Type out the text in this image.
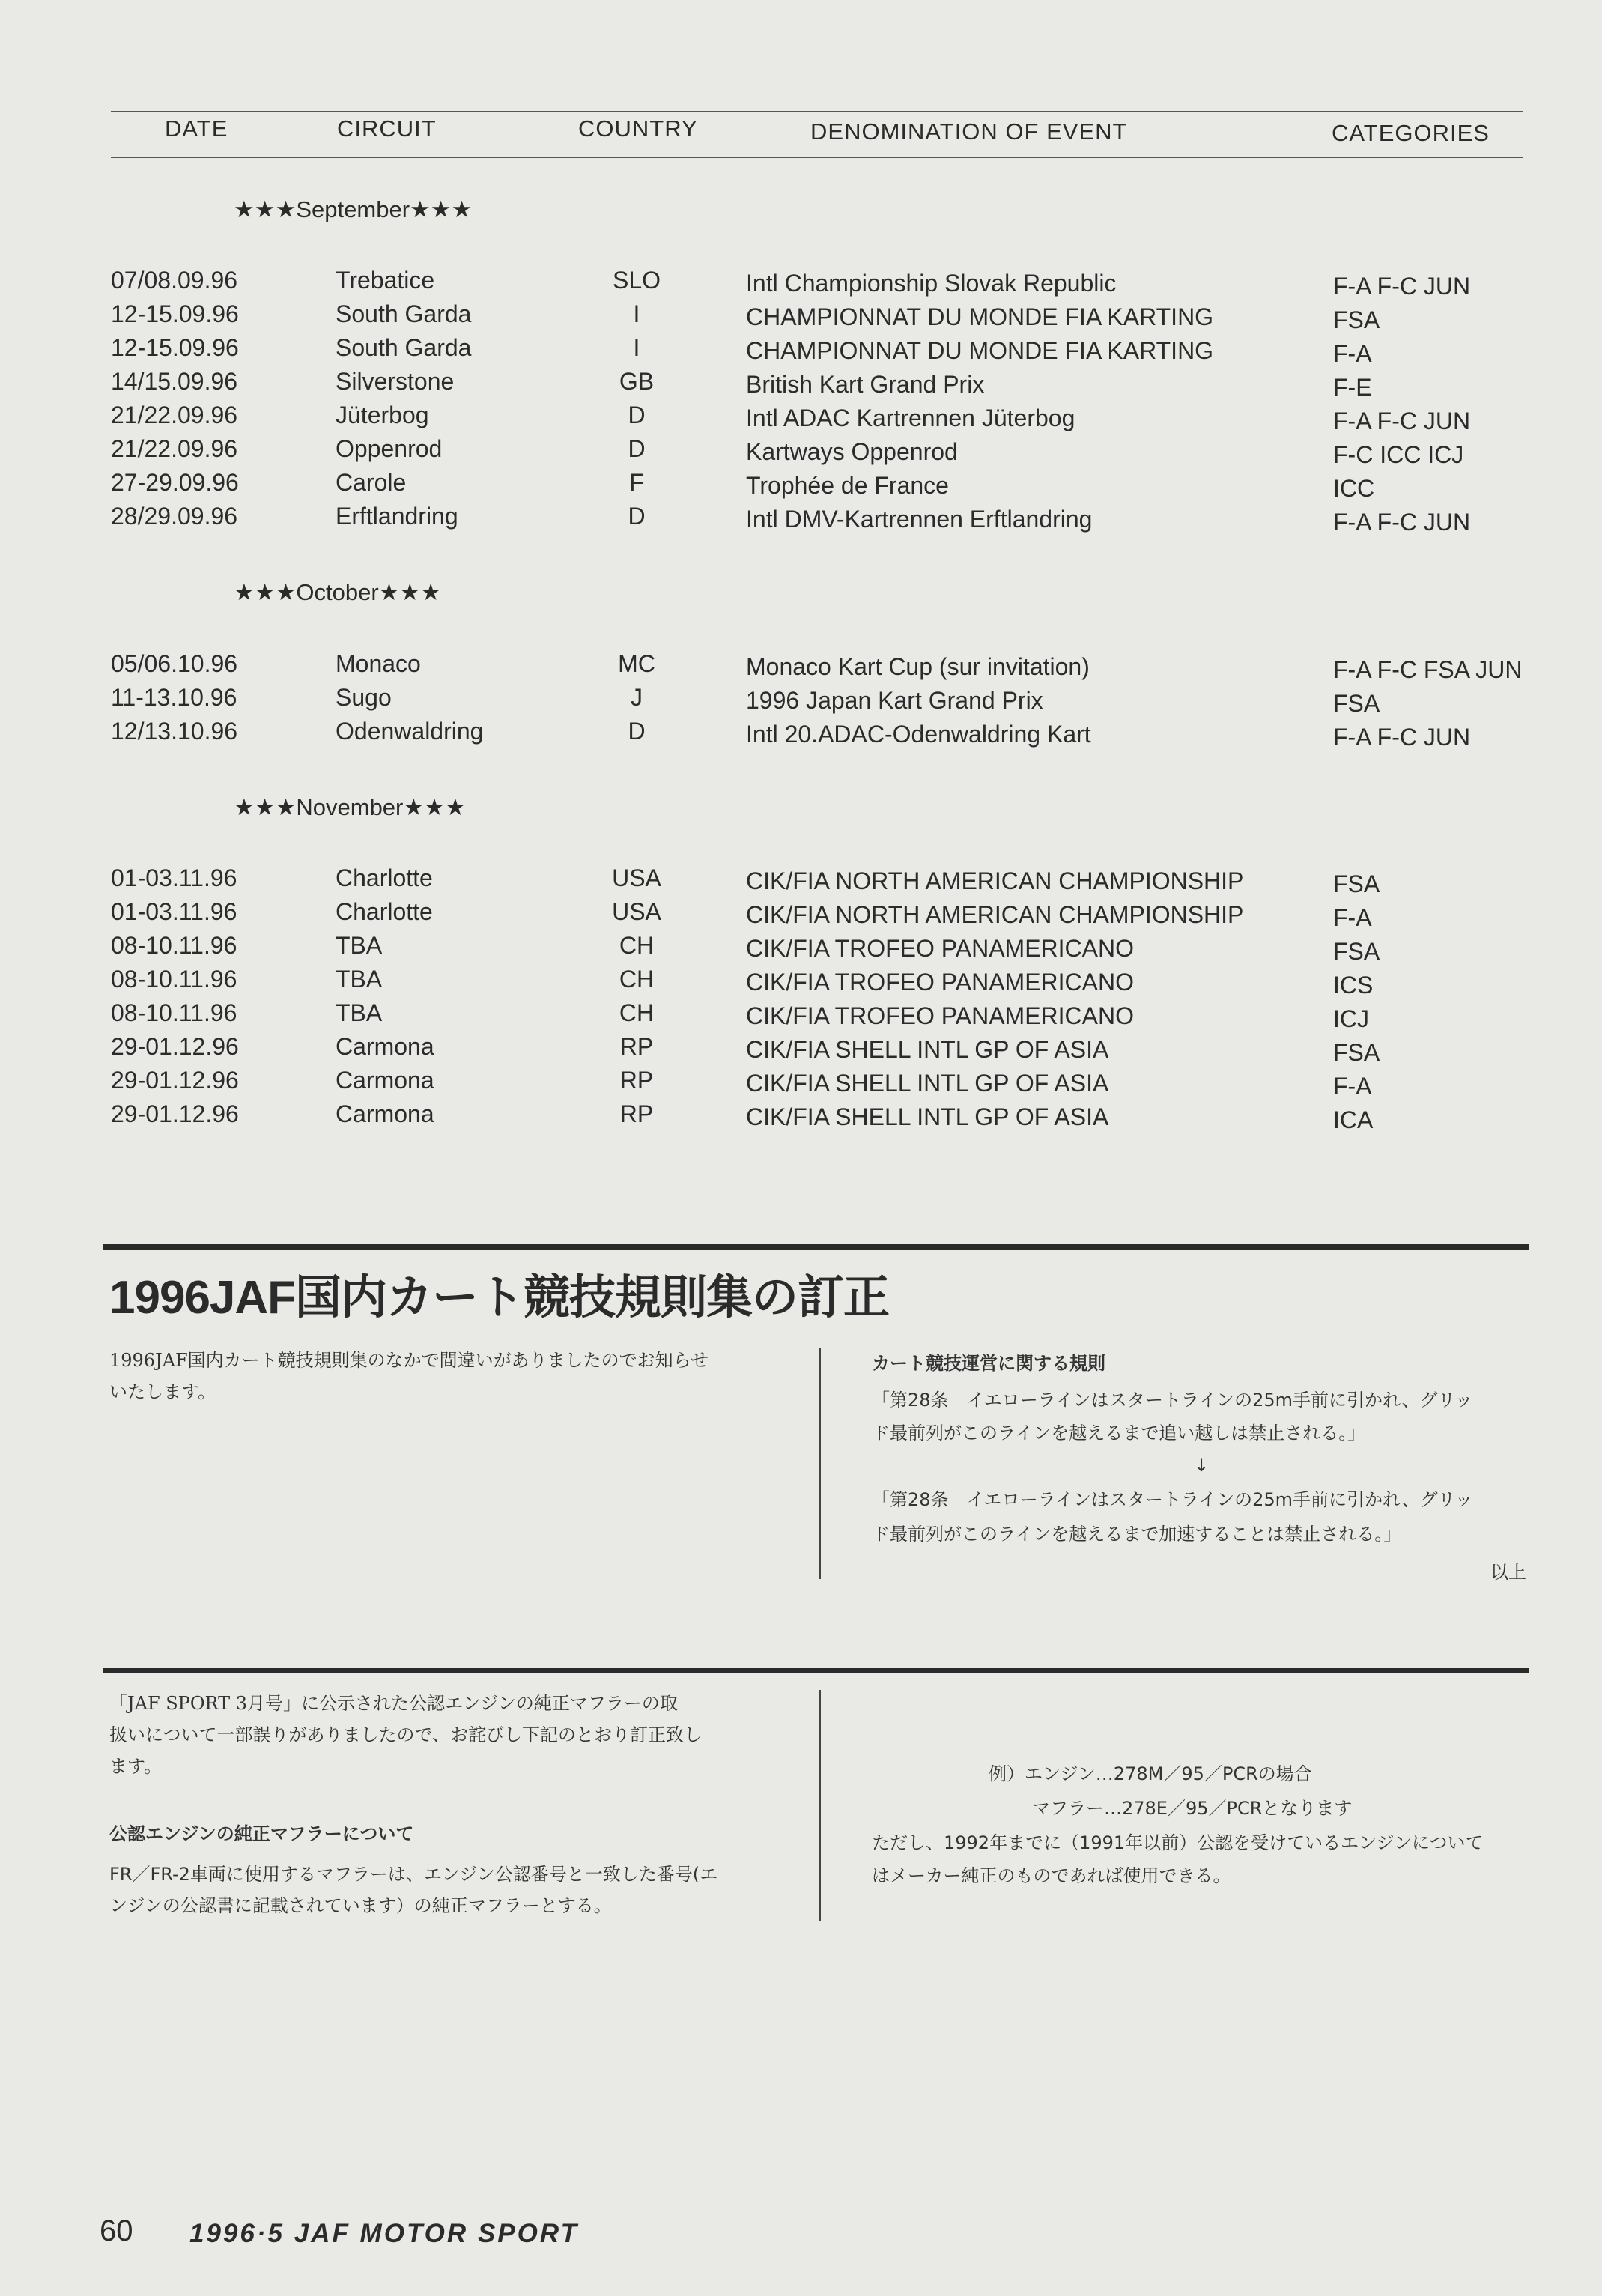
DATE	CIRCUIT	COUNTRY	DENOMINATION OF EVENT	CATEGORIES
★★★September★★★
07/08.09.96	Trebatice	SLO	Intl Championship Slovak Republic	F-A F-C JUN
12-15.09.96	South Garda	I	CHAMPIONNAT DU MONDE FIA KARTING	FSA
12-15.09.96	South Garda	I	CHAMPIONNAT DU MONDE FIA KARTING	F-A
14/15.09.96	Silverstone	GB	British Kart Grand Prix	F-E
21/22.09.96	Jüterbog	D	Intl ADAC Kartrennen Jüterbog	F-A F-C JUN
21/22.09.96	Oppenrod	D	Kartways Oppenrod	F-C ICC ICJ
27-29.09.96	Carole	F	Trophée de France	ICC
28/29.09.96	Erftlandring	D	Intl DMV-Kartrennen Erftlandring	F-A F-C JUN
★★★October★★★
05/06.10.96	Monaco	MC	Monaco Kart Cup (sur invitation)	F-A F-C FSA JUN
11-13.10.96	Sugo	J	1996 Japan Kart Grand Prix	FSA
12/13.10.96	Odenwaldring	D	Intl 20.ADAC-Odenwaldring Kart	F-A F-C JUN
★★★November★★★
01-03.11.96	Charlotte	USA	CIK/FIA NORTH AMERICAN CHAMPIONSHIP	FSA
01-03.11.96	Charlotte	USA	CIK/FIA NORTH AMERICAN CHAMPIONSHIP	F-A
08-10.11.96	TBA	CH	CIK/FIA TROFEO PANAMERICANO	FSA
08-10.11.96	TBA	CH	CIK/FIA TROFEO PANAMERICANO	ICS
08-10.11.96	TBA	CH	CIK/FIA TROFEO PANAMERICANO	ICJ
29-01.12.96	Carmona	RP	CIK/FIA SHELL INTL GP OF ASIA	FSA
29-01.12.96	Carmona	RP	CIK/FIA SHELL INTL GP OF ASIA	F-A
29-01.12.96	Carmona	RP	CIK/FIA SHELL INTL GP OF ASIA	ICA
1996JAF国内カート競技規則集の訂正
1996JAF国内カート競技規則集のなかで間違いがありましたのでお知らせ
いたします。
カート競技運営に関する規則
「第28条　イエローラインはスタートラインの25m手前に引かれ、グリッ
ド最前列がこのラインを越えるまで追い越しは禁止される。」
↓
「第28条　イエローラインはスタートラインの25m手前に引かれ、グリッ
ド最前列がこのラインを越えるまで加速することは禁止される。」
以上
「JAF SPORT 3月号」に公示された公認エンジンの純正マフラーの取
扱いについて一部誤りがありましたので、お詫びし下記のとおり訂正致し
ます。
公認エンジンの純正マフラーについて
FR／FR-2車両に使用するマフラーは、エンジン公認番号と一致した番号(エ
ンジンの公認書に記載されています）の純正マフラーとする。
例）エンジン…278M／95／PCRの場合
マフラー…278E／95／PCRとなります
ただし、1992年までに（1991年以前）公認を受けているエンジンについて
はメーカー純正のものであれば使用できる。
60 1996·5 JAF MOTOR SPORT
